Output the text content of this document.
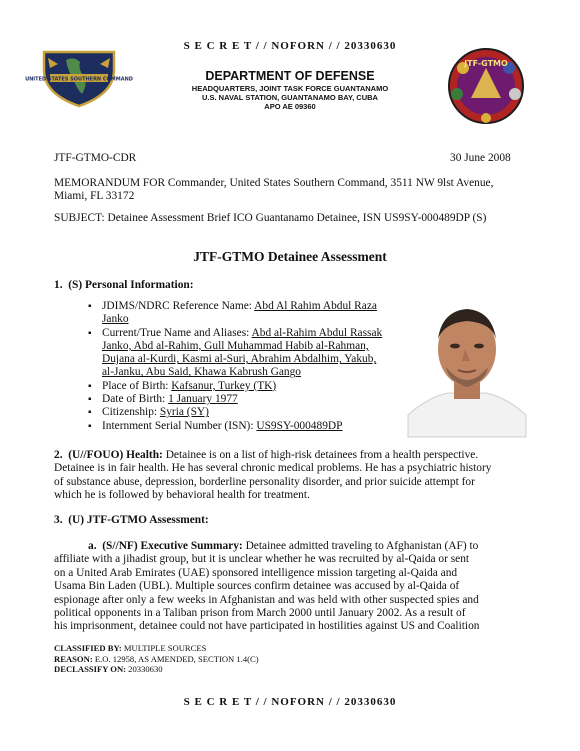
S E C R E T / / NOFORN / / 20330630
UNITED STATES SOUTHERN COMMAND
JTF-GTMO
DEPARTMENT OF DEFENSE
HEADQUARTERS, JOINT TASK FORCE GUANTANAMO
U.S. NAVAL STATION, GUANTANAMO BAY, CUBA
APO AE 09360
JTF-GTMO-CDR	30 June 2008
MEMORANDUM FOR Commander, United States Southern Command, 3511 NW 9lst Avenue,
Miami, FL 33172
SUBJECT: Detainee Assessment Brief ICO Guantanamo Detainee, ISN US9SY-000489DP (S)
JTF-GTMO Detainee Assessment
1. (S) Personal Information:
▪ JDIMS/NDRC Reference Name: Abd Al Rahim Abdul Raza
Janko
▪ Current/True Name and Aliases: Abd al-Rahim Abdul Rassak
Janko, Abd al-Rahim, Gull Muhammad Habib al-Rahman,
Dujana al-Kurdi, Kasmi al-Suri, Abrahim Abdalhim, Yakub,
al-Janku, Abu Said, Khawa Kabrush Gango
▪ Place of Birth: Kafsanur, Turkey (TK)
▪ Date of Birth: 1 January 1977
▪ Citizenship: Syria (SY)
▪ Internment Serial Number (ISN): US9SY-000489DP
2. (U//FOUO) Health: Detainee is on a list of high-risk detainees from a health perspective.
Detainee is in fair health. He has several chronic medical problems. He has a psychiatric history
of substance abuse, depression, borderline personality disorder, and prior suicide attempt for
which he is followed by behavioral health for treatment.
3. (U) JTF-GTMO Assessment:
a. (S//NF) Executive Summary: Detainee admitted traveling to Afghanistan (AF) to
affiliate with a jihadist group, but it is unclear whether he was recruited by al-Qaida or sent
on a United Arab Emirates (UAE) sponsored intelligence mission targeting al-Qaida and
Usama Bin Laden (UBL). Multiple sources confirm detainee was accused by al-Qaida of
espionage after only a few weeks in Afghanistan and was held with other suspected spies and
political opponents in a Taliban prison from March 2000 until January 2002. As a result of
his imprisonment, detainee could not have participated in hostilities against US and Coalition
CLASSIFIED BY: MULTIPLE SOURCES
REASON: E.O. 12958, AS AMENDED, SECTION 1.4(C)
DECLASSIFY ON: 20330630
S E C R E T / / NOFORN / / 20330630
